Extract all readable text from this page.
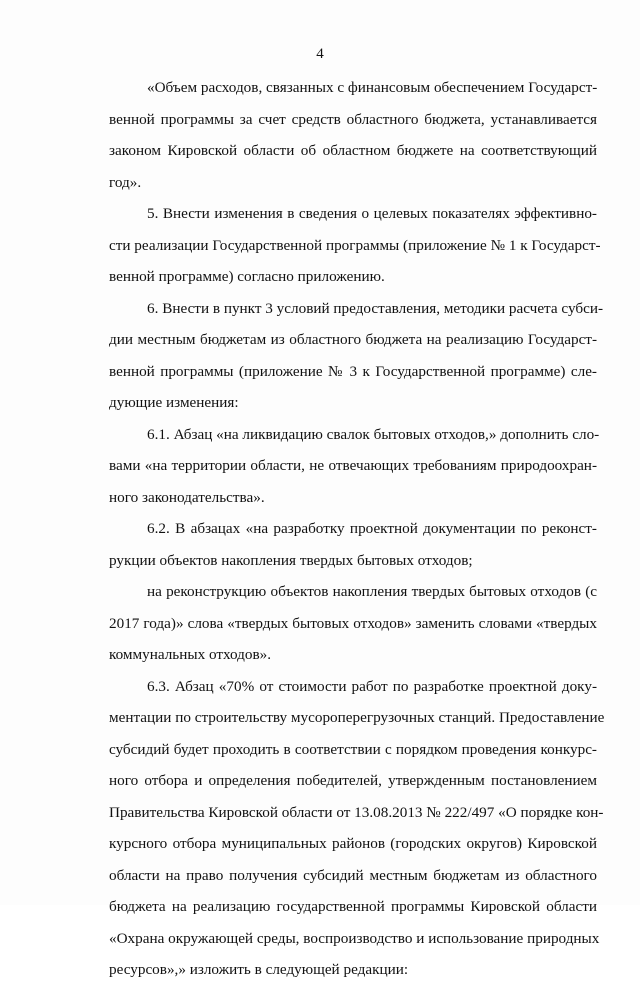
4
«Объем расходов, связанных с финансовым обеспечением Государст-
венной программы за счет средств областного бюджета, устанавливается
законом Кировской области об областном бюджете на соответствующий
год».
5. Внести изменения в сведения о целевых показателях эффективно-
сти реализации Государственной программы (приложение № 1 к Государст-
венной программе) согласно приложению.
6. Внести в пункт 3 условий предоставления, методики расчета субси-
дии местным бюджетам из областного бюджета на реализацию Государст-
венной программы (приложение № 3 к Государственной программе) сле-
дующие изменения:
6.1. Абзац «на ликвидацию свалок бытовых отходов,» дополнить сло-
вами «на территории области, не отвечающих требованиям природоохран-
ного законодательства».
6.2. В абзацах «на разработку проектной документации по реконст-
рукции объектов накопления твердых бытовых отходов;
на реконструкцию объектов накопления твердых бытовых отходов (с
2017 года)» слова «твердых бытовых отходов» заменить словами «твердых
коммунальных отходов».
6.3. Абзац «70% от стоимости работ по разработке проектной доку-
ментации по строительству мусороперегрузочных станций. Предоставление
субсидий будет проходить в соответствии с порядком проведения конкурс-
ного отбора и определения победителей, утвержденным постановлением
Правительства Кировской области от 13.08.2013 № 222/497 «О порядке кон-
курсного отбора муниципальных районов (городских округов) Кировской
области на право получения субсидий местным бюджетам из областного
бюджета на реализацию государственной программы Кировской области
«Охрана окружающей среды, воспроизводство и использование природных
ресурсов»,» изложить в следующей редакции:
